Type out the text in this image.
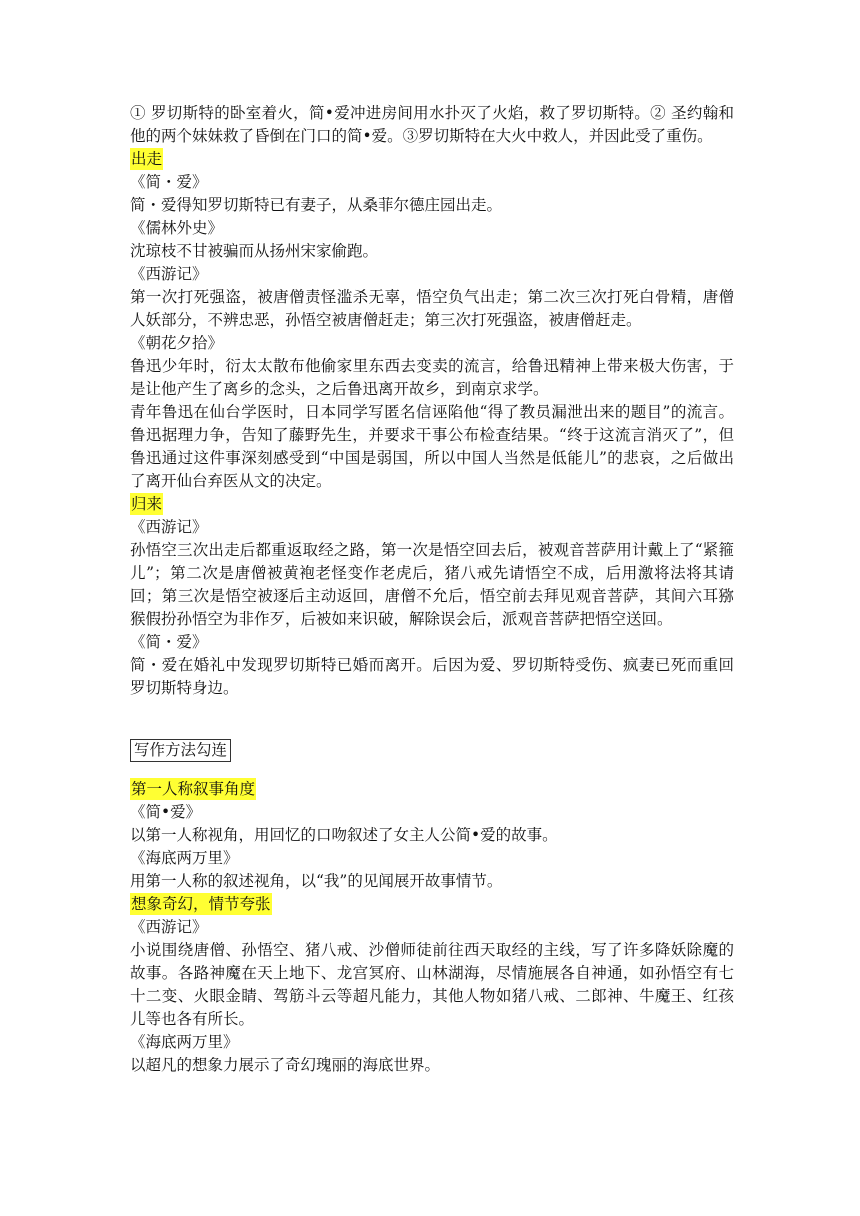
① 罗切斯特的卧室着火，简•爱冲进房间用水扑灭了火焰，救了罗切斯特。② 圣约翰和他的两个妹妹救了昏倒在门口的简•爱。③罗切斯特在大火中救人，并因此受了重伤。

出走

《简・爱》

简・爱得知罗切斯特已有妻子，从桑菲尔德庄园出走。

《儒林外史》

沈琼枝不甘被骗而从扬州宋家偷跑。

《西游记》

第一次打死强盗，被唐僧责怪滥杀无辜，悟空负气出走；第二次三次打死白骨精，唐僧人妖部分，不辨忠恶，孙悟空被唐僧赶走；第三次打死强盗，被唐僧赶走。

《朝花夕拾》

鲁迅少年时，衍太太散布他偷家里东西去变卖的流言，给鲁迅精神上带来极大伤害，于是让他产生了离乡的念头，之后鲁迅离开故乡，到南京求学。

青年鲁迅在仙台学医时，日本同学写匿名信诬陷他“得了教员漏泄出来的题目”的流言。鲁迅据理力争，告知了藤野先生，并要求干事公布检查结果。“终于这流言消灭了”，但鲁迅通过这件事深刻感受到“中国是弱国，所以中国人当然是低能儿”的悲哀，之后做出了离开仙台弃医从文的决定。

归来

《西游记》

孙悟空三次出走后都重返取经之路，第一次是悟空回去后，被观音菩萨用计戴上了“紧箍儿”；第二次是唐僧被黄袍老怪变作老虎后，猪八戒先请悟空不成，后用激将法将其请回；第三次是悟空被逐后主动返回，唐僧不允后，悟空前去拜见观音菩萨，其间六耳猕猴假扮孙悟空为非作歹，后被如来识破，解除误会后，派观音菩萨把悟空送回。

《简・爱》

简・爱在婚礼中发现罗切斯特已婚而离开。后因为爱、罗切斯特受伤、疯妻已死而重回罗切斯特身边。

写作方法勾连
第一人称叙事角度

《简•爱》

以第一人称视角，用回忆的口吻叙述了女主人公简•爱的故事。

《海底两万里》

用第一人称的叙述视角，以“我”的见闻展开故事情节。

想象奇幻，情节夸张

《西游记》

小说围绕唐僧、孙悟空、猪八戒、沙僧师徒前往西天取经的主线，写了许多降妖除魔的故事。各路神魔在天上地下、龙宫冥府、山林湖海，尽情施展各自神通，如孙悟空有七十二变、火眼金睛、驾筋斗云等超凡能力，其他人物如猪八戒、二郎神、牛魔王、红孩儿等也各有所长。

《海底两万里》

以超凡的想象力展示了奇幻瑰丽的海底世界。
